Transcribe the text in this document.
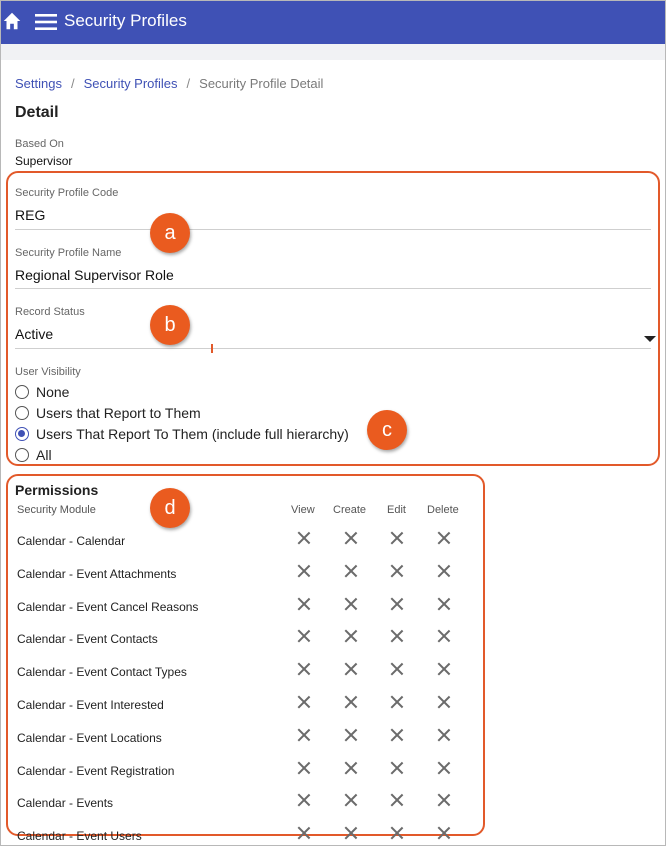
Security Profiles
Settings / Security Profiles / Security Profile Detail
Detail
Based On
Supervisor
Security Profile Code
REG
Security Profile Name
Regional Supervisor Role
Record Status
Active
User Visibility
None
Users that Report to Them
Users That Report To Them (include full hierarchy)
All
a
b
c
Permissions
Security Module	View Create Edit Delete
d
Calendar - Calendar
Calendar - Event Attachments
Calendar - Event Cancel Reasons
Calendar - Event Contacts
Calendar - Event Contact Types
Calendar - Event Interested
Calendar - Event Locations
Calendar - Event Registration
Calendar - Events
Calendar - Event Users
